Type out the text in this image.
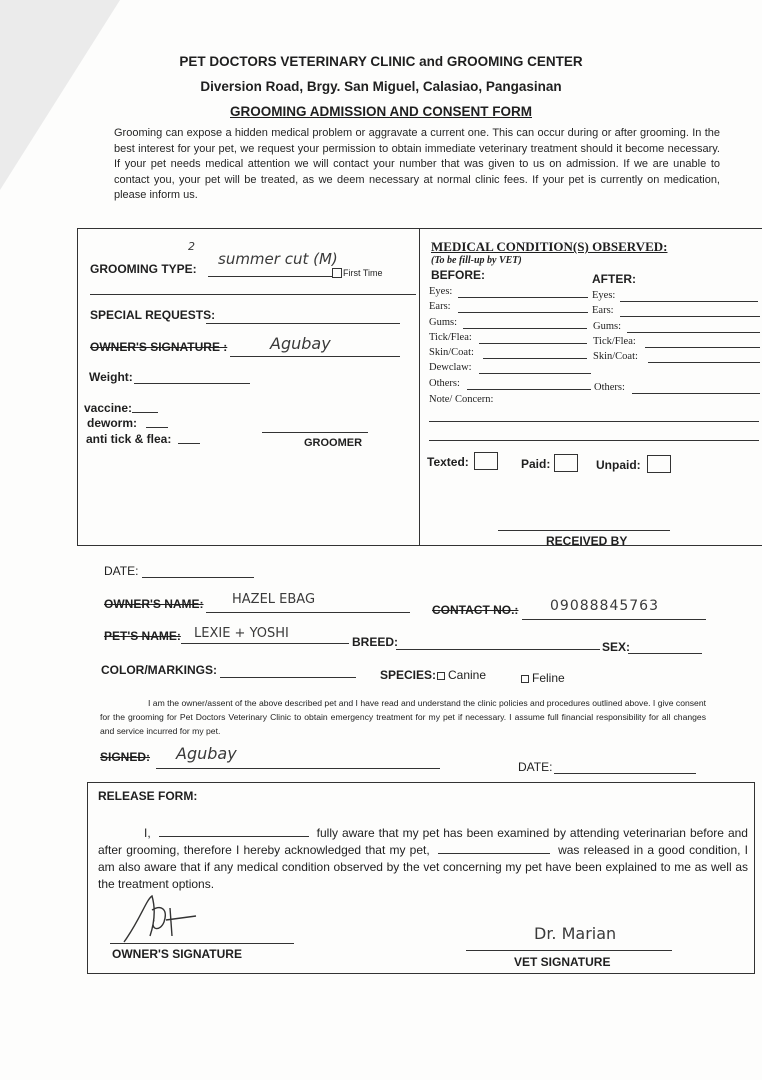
PET DOCTORS VETERINARY CLINIC and GROOMING CENTER
Diversion Road, Brgy. San Miguel, Calasiao, Pangasinan
GROOMING ADMISSION AND CONSENT FORM
Grooming can expose a hidden medical problem or aggravate a current one. This can occur during or after grooming. In the best interest for your pet, we request your permission to obtain immediate veterinary treatment should it become necessary. If your pet needs medical attention we will contact your number that was given to us on admission. If we are unable to contact you, your pet will be treated, as we deem necessary at normal clinic fees. If your pet is currently on medication, please inform us.
GROOMING TYPE:
2
summer cut (M)
First Time
SPECIAL REQUESTS:
OWNER'S SIGNATURE :	Agubay
Weight:
vaccine:
deworm:
anti tick & flea:	GROOMER
MEDICAL CONDITION(S) OBSERVED:
(To be fill-up by VET)
BEFORE:	AFTER:
Eyes:
Ears:
Gums:
Tick/Flea:
Skin/Coat:
Dewclaw:
Others:
Note/ Concern:
Eyes:
Ears:
Gums:
Tick/Flea:
Skin/Coat:
Others:
Texted:	Paid:	Unpaid:
RECEIVED BY
DATE:
OWNER'S NAME: HAZEL EBAG
CONTACT NO.: 09088845763
PET'S NAME: LEXIE + YOSHI
BREED:	SEX:
COLOR/MARKINGS:	SPECIES: Canine	Feline
I am the owner/assent of the above described pet and I have read and understand the clinic policies and procedures outlined above. I give consent for the grooming for Pet Doctors Veterinary Clinic to obtain emergency treatment for my pet if necessary. I assume full financial responsibility for all changes and service incurred for my pet.
SIGNED: Agubay
DATE:
RELEASE FORM:
I,	fully aware that my pet has been examined by attending veterinarian before and after grooming, therefore I hereby acknowledged that my pet,	was released in a good condition, I am also aware that if any medical condition observed by the vet concerning my pet have been explained to me as well as the treatment options.
OWNER'S SIGNATURE
Dr. Marian
VET SIGNATURE
